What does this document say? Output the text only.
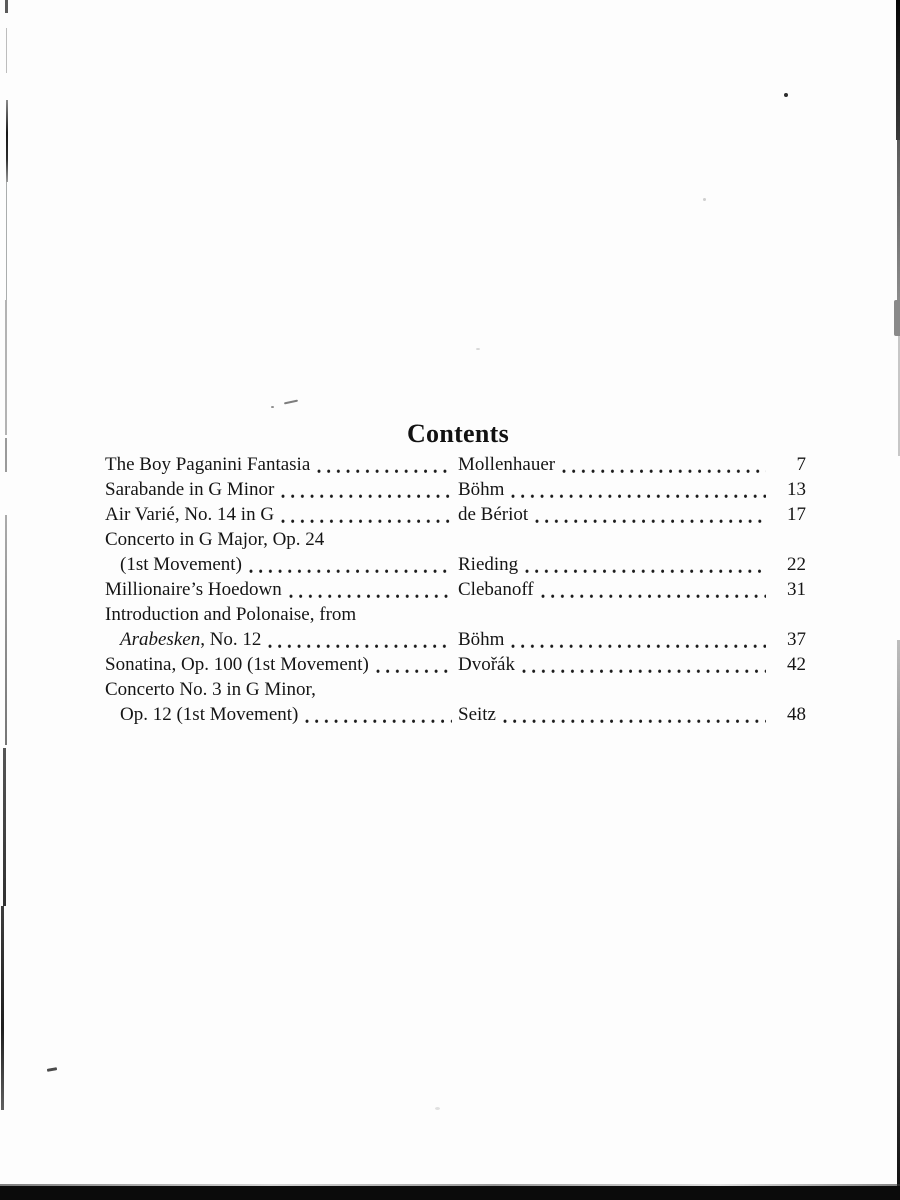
Contents
The Boy Paganini Fantasia	Mollenhauer	7
Sarabande in G Minor	Böhm	13
Air Varié, No. 14 in G	de Bériot	17
Concerto in G Major, Op. 24
(1st Movement)	Rieding	22
Millionaire’s Hoedown	Clebanoff	31
Introduction and Polonaise, from
Arabesken, No. 12	Böhm	37
Sonatina, Op. 100 (1st Movement)	Dvořák	42
Concerto No. 3 in G Minor,
Op. 12 (1st Movement)	Seitz	48
